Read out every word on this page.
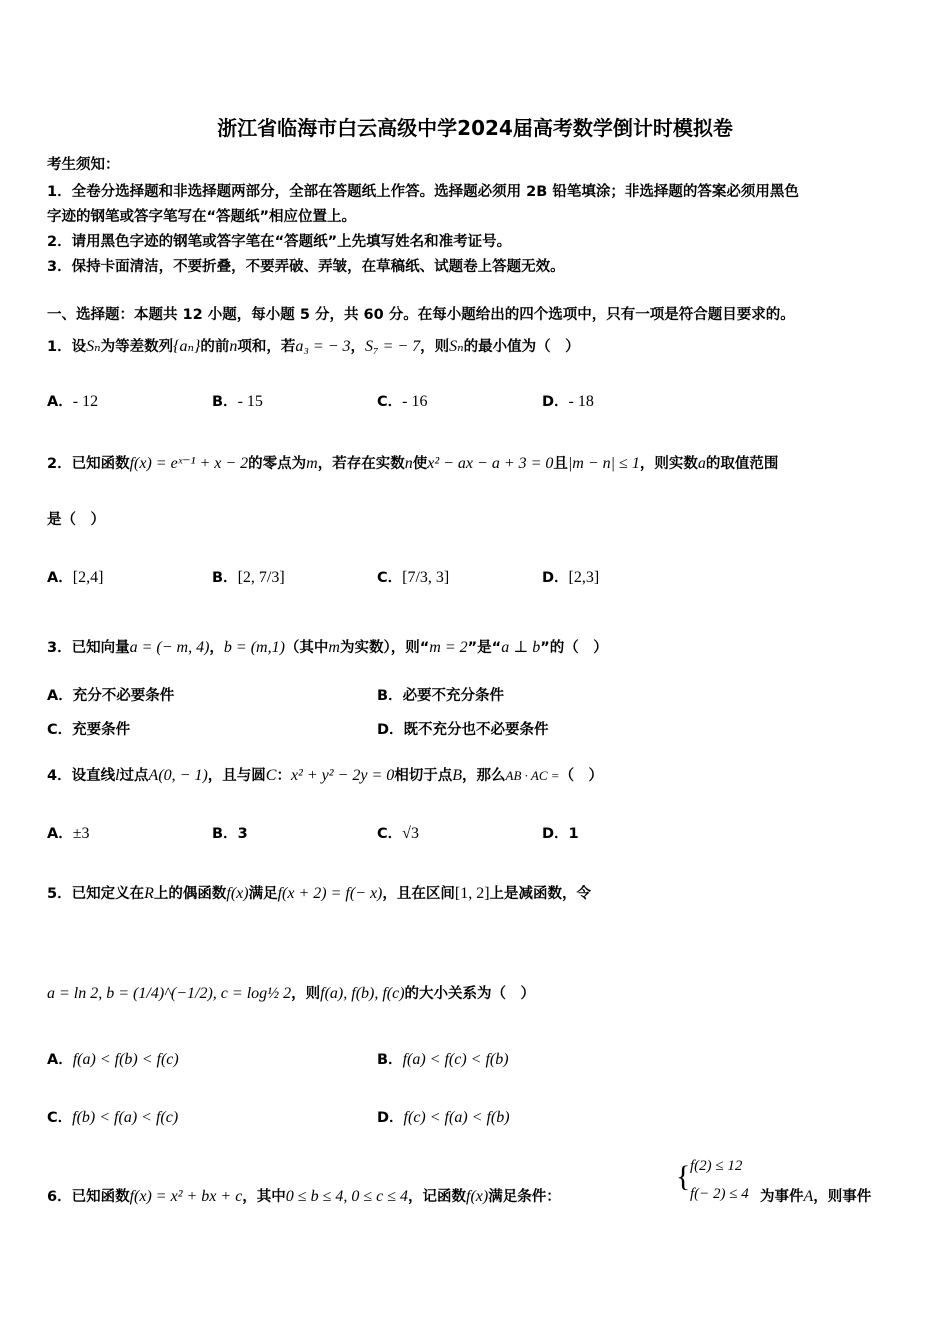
浙江省临海市白云高级中学2024届高考数学倒计时模拟卷
考生须知：
1．全卷分选择题和非选择题两部分，全部在答题纸上作答。选择题必须用 2B 铅笔填涂；非选择题的答案必须用黑色
字迹的钢笔或答字笔写在“答题纸”相应位置上。
2．请用黑色字迹的钢笔或答字笔在“答题纸”上先填写姓名和准考证号。
3．保持卡面清洁，不要折叠，不要弄破、弄皱，在草稿纸、试题卷上答题无效。
一、选择题：本题共 12 小题，每小题 5 分，共 60 分。在每小题给出的四个选项中，只有一项是符合题目要求的。
1．设Sₙ为等差数列{aₙ}的前n项和，若a₃ = − 3，S₇ = − 7，则Sₙ的最小值为（　）
A．- 12	B．- 15	C．- 16	D．- 18
2．已知函数f(x) = eˣ⁻¹ + x − 2的零点为m，若存在实数n使x² − ax − a + 3 = 0且|m − n| ≤ 1，则实数a的取值范围
是（　）
A．[2,4]	B．[2, 7/3]	C．[7/3, 3]	D．[2,3]
3．已知向量a = (− m, 4)，b = (m,1)（其中m为实数），则“m = 2”是“a ⊥ b”的（　）
A．充分不必要条件	B．必要不充分条件
C．充要条件	D．既不充分也不必要条件
4．设直线l过点A(0, − 1)，且与圆C：x² + y² − 2y = 0相切于点B，那么AB · AC =（　）
A．±3	B．3	C．√3	D．1
5．已知定义在R上的偶函数f(x)满足f(x + 2) = f(− x)，且在区间[1, 2]上是减函数，令
a = ln 2, b = (1/4)^(−1/2), c = log½ 2，则f(a), f(b), f(c)的大小关系为（　）
A．f(a) < f(b) < f(c)	B．f(a) < f(c) < f(b)
C．f(b) < f(a) < f(c)	D．f(c) < f(a) < f(b)
6．已知函数f(x) = x² + bx + c，其中0 ≤ b ≤ 4, 0 ≤ c ≤ 4，记函数f(x)满足条件：
{ f(2) ≤ 12
f(− 2) ≤ 4 为事件A，则事件
